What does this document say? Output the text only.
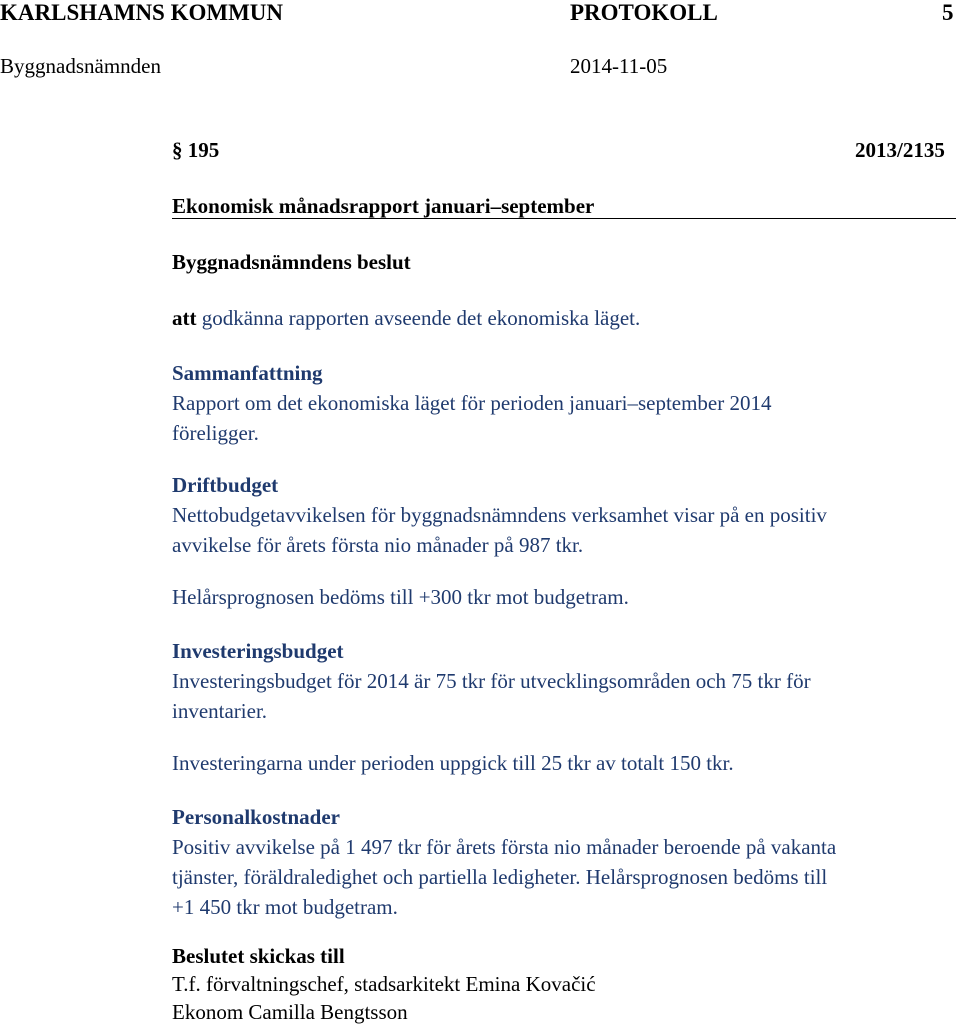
KARLSHAMNS KOMMUN	PROTOKOLL	5
Byggnadsnämnden	2014-11-05
§ 195	2013/2135
Ekonomisk månadsrapport januari–september
Byggnadsnämndens beslut
att godkänna rapporten avseende det ekonomiska läget.
Sammanfattning
Rapport om det ekonomiska läget för perioden januari–september 2014
föreligger.
Driftbudget
Nettobudgetavvikelsen för byggnadsnämndens verksamhet visar på en positiv
avvikelse för årets första nio månader på 987 tkr.
Helårsprognosen bedöms till +300 tkr mot budgetram.
Investeringsbudget
Investeringsbudget för 2014 är 75 tkr för utvecklingsområden och 75 tkr för
inventarier.
Investeringarna under perioden uppgick till 25 tkr av totalt 150 tkr.
Personalkostnader
Positiv avvikelse på 1 497 tkr för årets första nio månader beroende på vakanta
tjänster, föräldraledighet och partiella ledigheter. Helårsprognosen bedöms till
+1 450 tkr mot budgetram.
Beslutet skickas till
T.f. förvaltningschef, stadsarkitekt Emina Kovačić
Ekonom Camilla Bengtsson
